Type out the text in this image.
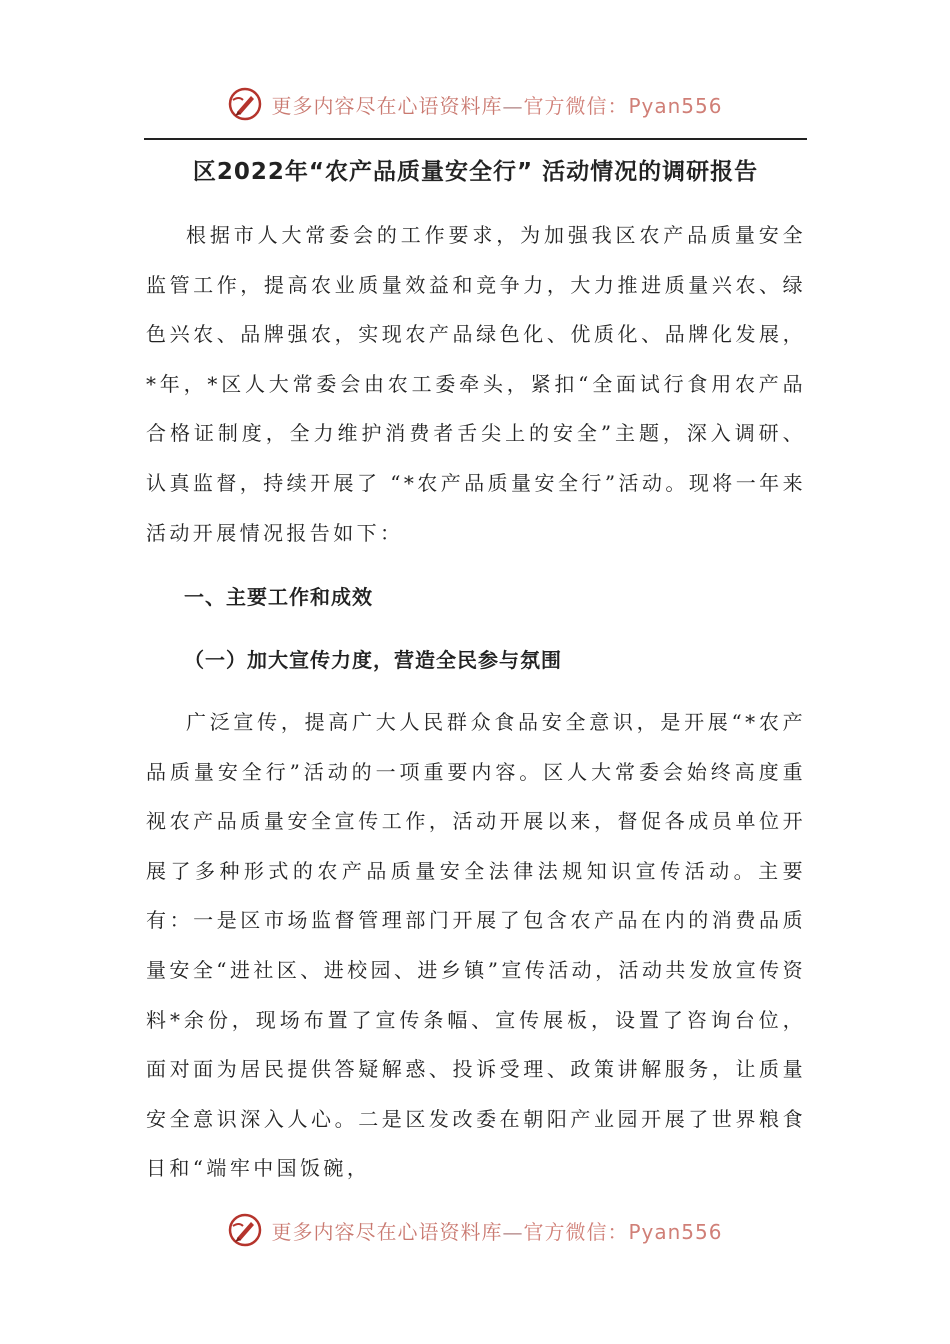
更多内容尽在心语资料库—官方微信：Pyan556
区2022年“农产品质量安全行” 活动情况的调研报告

根据市人大常委会的工作要求，为加强我区农产品质量安全监管工作，提高农业质量效益和竞争力，大力推进质量兴农、绿色兴农、品牌强农，实现农产品绿色化、优质化、品牌化发展， *年，*区人大常委会由农工委牵头，紧扣“全面试行食用农产品合格证制度，全力维护消费者舌尖上的安全”主题，深入调研、认真监督，持续开展了 “*农产品质量安全行”活动。现将一年来活动开展情况报告如下：

一、主要工作和成效
（一）加大宣传力度，营造全民参与氛围

广泛宣传，提高广大人民群众食品安全意识，是开展“*农产品质量安全行”活动的一项重要内容。区人大常委会始终高度重视农产品质量安全宣传工作，活动开展以来，督促各成员单位开展了多种形式的农产品质量安全法律法规知识宣传活动。主要有：一是区市场监督管理部门开展了包含农产品在内的消费品质量安全“进社区、进校园、进乡镇”宣传活动，活动共发放宣传资料*余份，现场布置了宣传条幅、宣传展板，设置了咨询台位，面对面为居民提供答疑解惑、投诉受理、政策讲解服务，让质量安全意识深入人心。二是区发改委在朝阳产业园开展了世界粮食日和“端牢中国饭碗，

更多内容尽在心语资料库—官方微信：Pyan556
